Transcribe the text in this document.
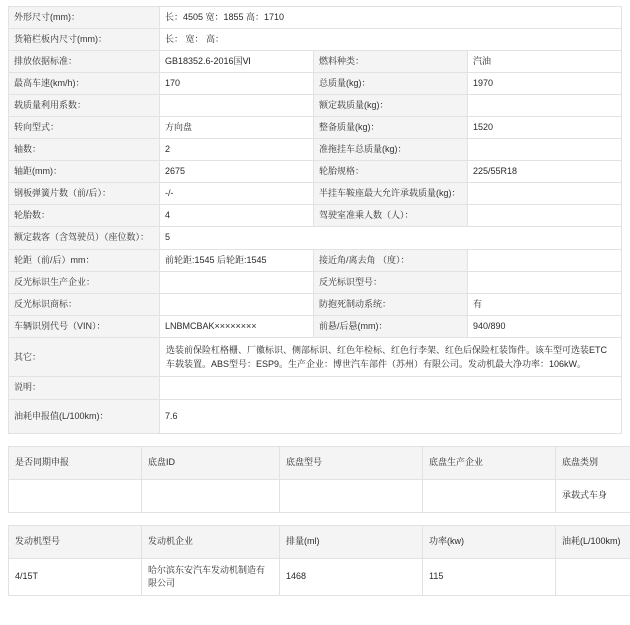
外形尺寸(mm)：	长：4505 宽：1855 高：1710		
货箱栏板内尺寸(mm)：	长： 宽： 高：		
排放依据标准：	GB18352.6-2016国Ⅵ	燃料种类：	汽油
最高车速(km/h)：	170	总质量(kg)：	1970
载质量利用系数：		额定载质量(kg)：	
转向型式：	方向盘	整备质量(kg)：	1520
轴数：	2	准拖挂车总质量(kg)：	
轴距(mm)：	2675	轮胎规格：	225/55R18
钢板弹簧片数（前/后）：	-/-	半挂车鞍座最大允许承载质量(kg)：	
轮胎数：	4	驾驶室准乘人数（人）：	
额定载客（含驾驶员）（座位数）：	5		
轮距（前/后）mm：	前轮距:1545 后轮距:1545	接近角/离去角 （度）：	
反光标识生产企业：		反光标识型号：	
反光标识商标：		防抱死制动系统：	有
车辆识别代号（VIN）：	LNBMCBAK××××××××	前悬/后悬(mm)：	940/890
其它：	选装前保险杠格栅、厂徽标识、侧部标识、红色年检标、红色行李架、红色后保险杠装饰件。该车型可选装ETC车载装置。ABS型号：ESP9。生产企业：博世汽车部件（苏州）有限公司。发动机最大净功率：106kW。		
说明：			
油耗申报值(L/100km)：	7.6		
是否同期申报	底盘ID	底盘型号	底盘生产企业	底盘类别
				承载式车身
发动机型号	发动机企业	排量(ml)	功率(kw)	油耗(L/100km)
4/15T	哈尔滨东安汽车发动机制造有限公司	1468	115	
